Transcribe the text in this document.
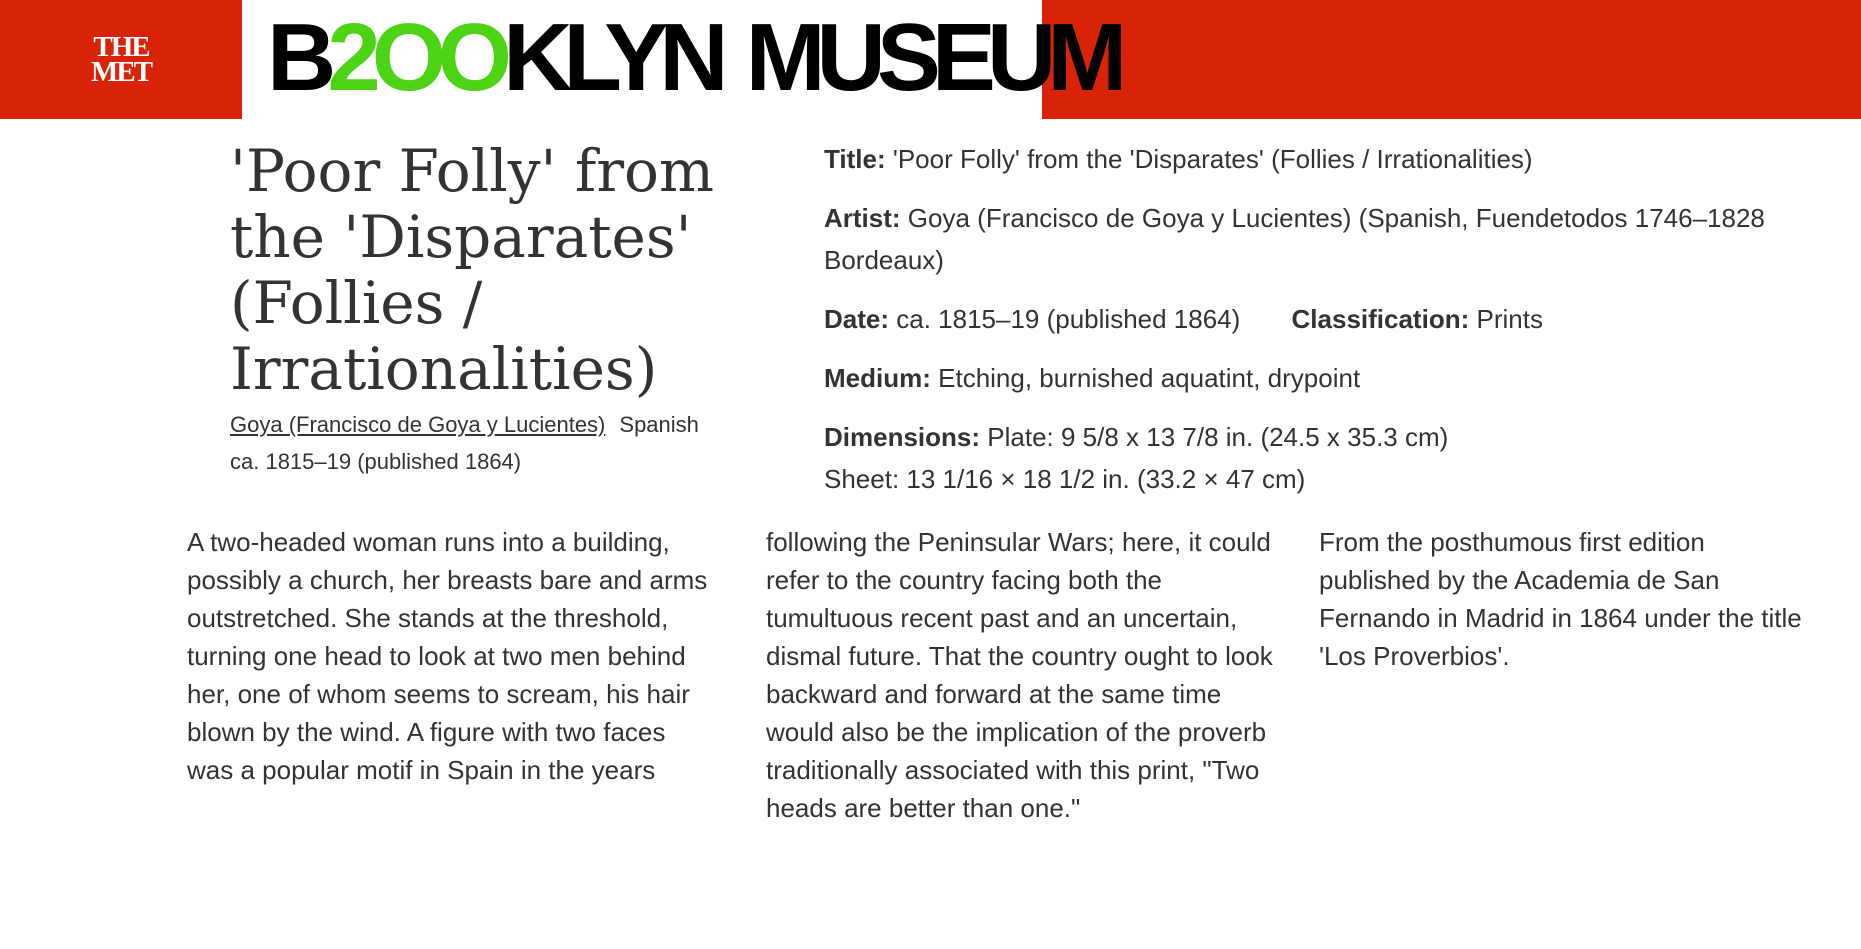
THE MET B 2OO KLYN MUSEUM
'Poor Folly' from the 'Disparates' (Follies / Irrationalities)
Goya (Francisco de Goya y Lucientes) Spanish
ca. 1815–19 (published 1864)
Title: 'Poor Folly' from the 'Disparates' (Follies / Irrationalities)
Artist: Goya (Francisco de Goya y Lucientes) (Spanish, Fuendetodos 1746–1828 Bordeaux)
Date: ca. 1815–19 (published 1864) Classification: Prints
Medium: Etching, burnished aquatint, drypoint
Dimensions: Plate: 9 5/8 x 13 7/8 in. (24.5 x 35.3 cm)
Sheet: 13 1/16 × 18 1/2 in. (33.2 × 47 cm)
A two-headed woman runs into a building, possibly a church, her breasts bare and arms outstretched. She stands at the threshold, turning one head to look at two men behind her, one of whom seems to scream, his hair blown by the wind. A figure with two faces was a popular motif in Spain in the years
following the Peninsular Wars; here, it could refer to the country facing both the tumultuous recent past and an uncertain, dismal future. That the country ought to look backward and forward at the same time would also be the implication of the proverb traditionally associated with this print, "Two heads are better than one."
From the posthumous first edition published by the Academia de San Fernando in Madrid in 1864 under the title 'Los Proverbios'.
